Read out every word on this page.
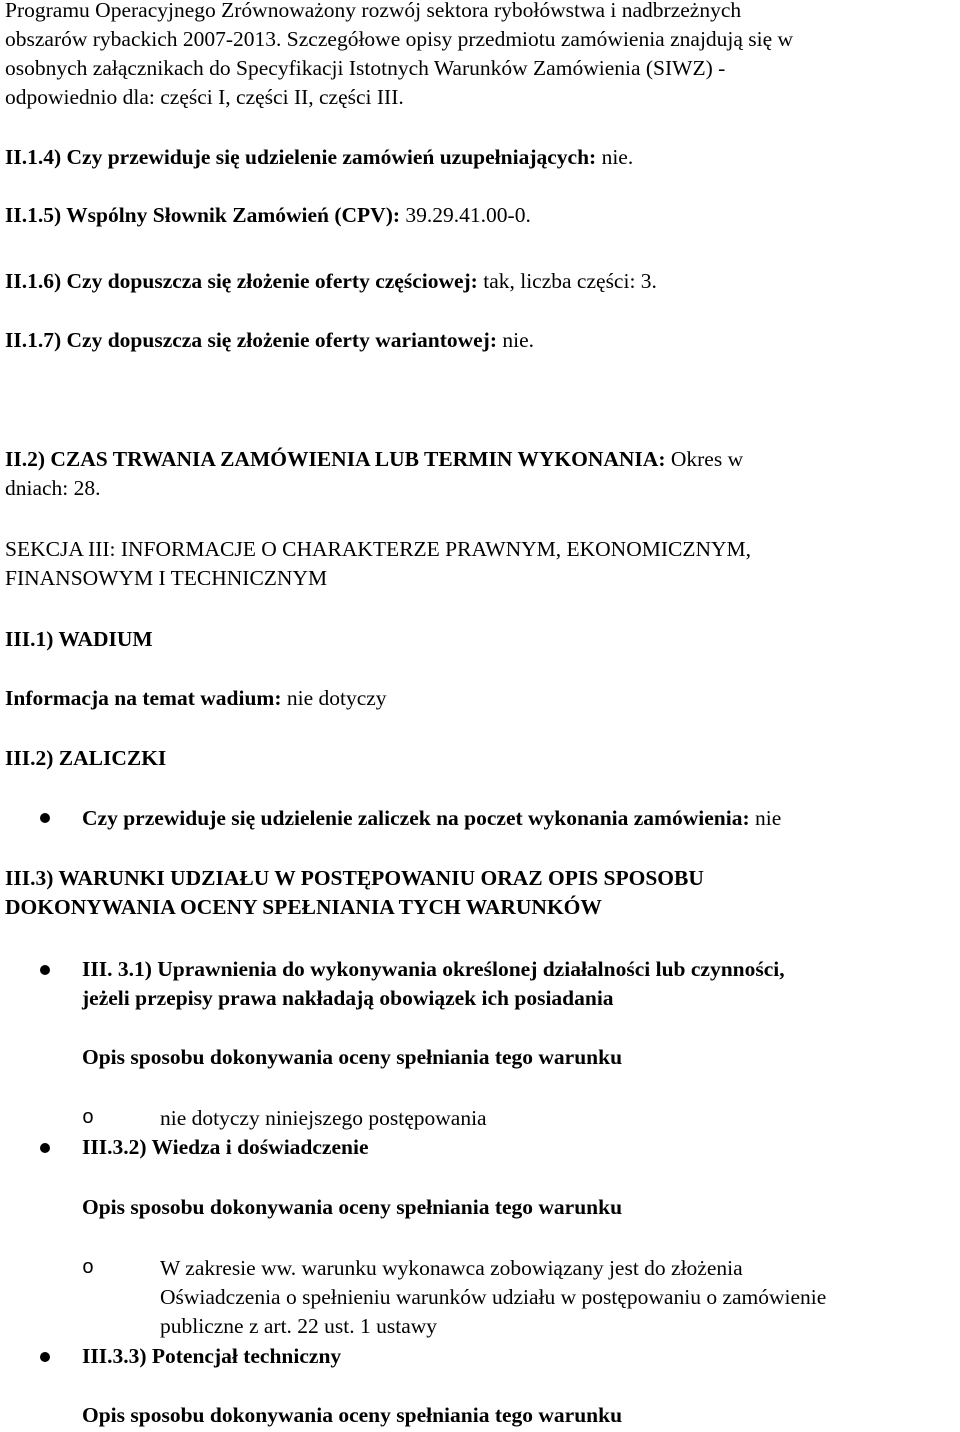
Programu Operacyjnego Zrównoważony rozwój sektora rybołówstwa i nadbrzeżnych

obszarów rybackich 2007-2013. Szczegółowe opisy przedmiotu zamówienia znajdują się w

osobnych załącznikach do Specyfikacji Istotnych Warunków Zamówienia (SIWZ) -

odpowiednio dla: części I, części II, części III.

II.1.4) Czy przewiduje się udzielenie zamówień uzupełniających: nie.

II.1.5) Wspólny Słownik Zamówień (CPV): 39.29.41.00-0.

II.1.6) Czy dopuszcza się złożenie oferty częściowej: tak, liczba części: 3.

II.1.7) Czy dopuszcza się złożenie oferty wariantowej: nie.

II.2) CZAS TRWANIA ZAMÓWIENIA LUB TERMIN WYKONANIA: Okres w

dniach: 28.

SEKCJA III: INFORMACJE O CHARAKTERZE PRAWNYM, EKONOMICZNYM,

FINANSOWYM I TECHNICZNYM

III.1) WADIUM

Informacja na temat wadium: nie dotyczy

III.2) ZALICZKI

Czy przewiduje się udzielenie zaliczek na poczet wykonania zamówienia: nie

III.3) WARUNKI UDZIAŁU W POSTĘPOWANIU ORAZ OPIS SPOSOBU

DOKONYWANIA OCENY SPEŁNIANIA TYCH WARUNKÓW

III. 3.1) Uprawnienia do wykonywania określonej działalności lub czynności,

jeżeli przepisy prawa nakładają obowiązek ich posiadania

Opis sposobu dokonywania oceny spełniania tego warunku

o	nie dotyczy niniejszego postępowania

III.3.2) Wiedza i doświadczenie

Opis sposobu dokonywania oceny spełniania tego warunku

o	W zakresie ww. warunku wykonawca zobowiązany jest do złożenia

Oświadczenia o spełnieniu warunków udziału w postępowaniu o zamówienie

publiczne z art. 22 ust. 1 ustawy

III.3.3) Potencjał techniczny

Opis sposobu dokonywania oceny spełniania tego warunku
